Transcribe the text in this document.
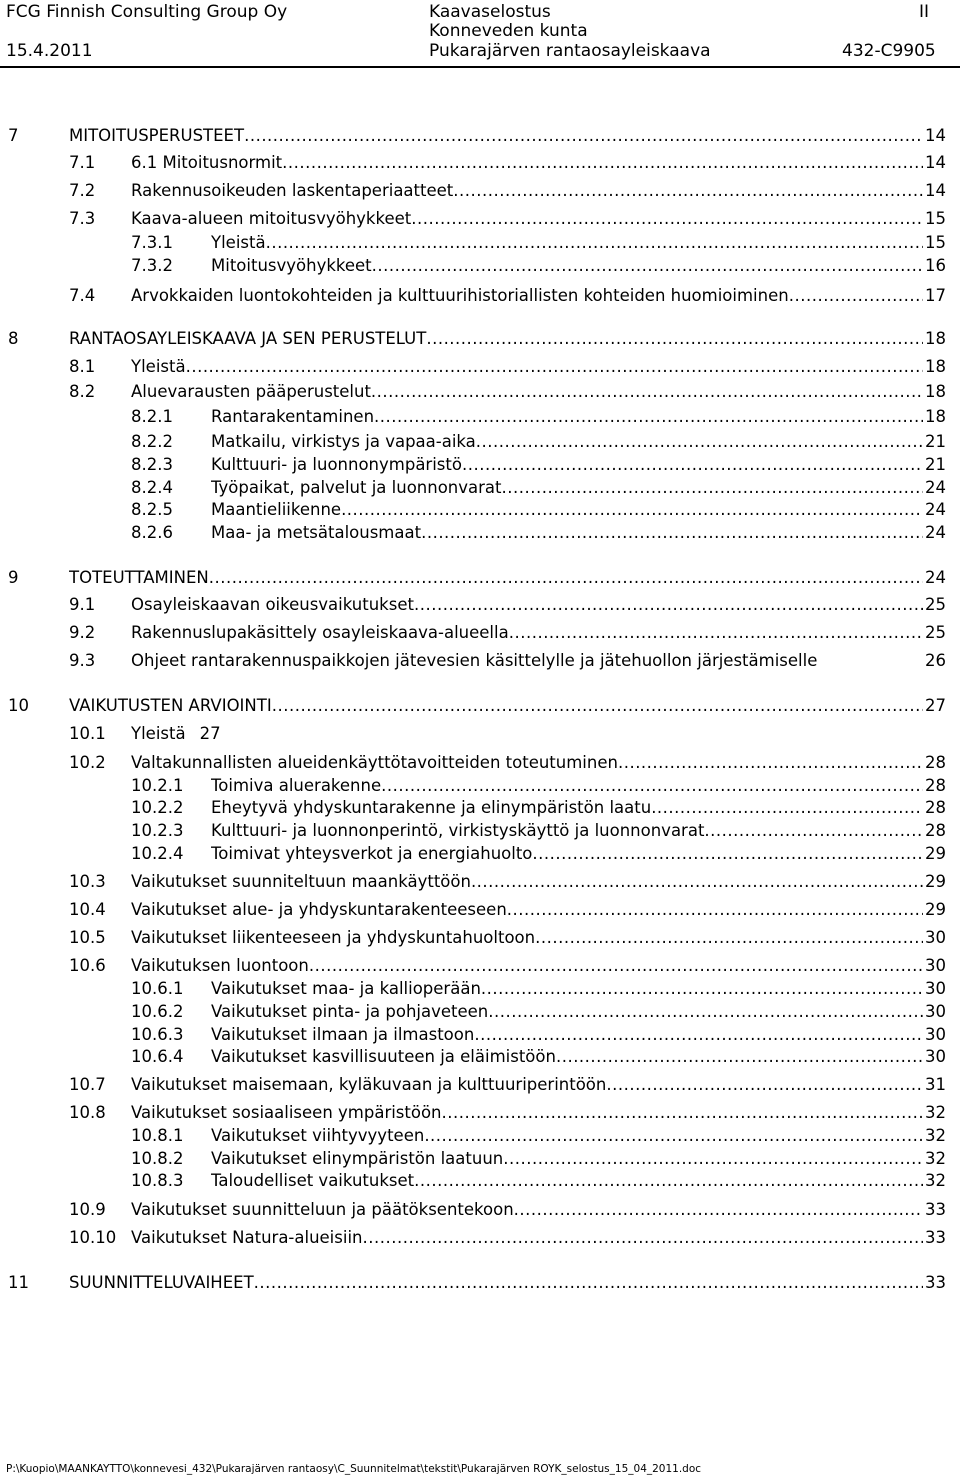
FCG Finnish Consulting Group Oy
15.4.2011
Kaavaselostus
Konneveden kunta
Pukarajärven rantaosayleiskaava
II
432-C9905
7	MITOITUSPERUSTEET .....	14
7.1 6.1 Mitoitusnormit .....	14
7.2 Rakennusoikeuden laskentaperiaatteet .....	14
7.3 Kaava-alueen mitoitusvyöhykkeet .....	15
7.3.1 Yleistä .....	15
7.3.2 Mitoitusvyöhykkeet .....	16
7.4 Arvokkaiden luontokohteiden ja kulttuurihistoriallisten kohteiden huomioiminen .....	17
8	RANTAOSAYLEISKAAVA JA SEN PERUSTELUT .....	18
8.1 Yleistä .....	18
8.2 Aluevarausten pääperustelut .....	18
8.2.1 Rantarakentaminen .....	18
8.2.2 Matkailu, virkistys ja vapaa-aika .....	21
8.2.3 Kulttuuri- ja luonnonympäristö .....	21
8.2.4 Työpaikat, palvelut ja luonnonvarat .....	24
8.2.5 Maantieliikenne .....	24
8.2.6 Maa- ja metsätalousmaat .....	24
9	TOTEUTTAMINEN .....	24
9.1 Osayleiskaavan oikeusvaikutukset .....	25
9.2 Rakennuslupakäsittely osayleiskaava-alueella .....	25
9.3 Ohjeet rantarakennuspaikkojen jätevesien käsittelylle ja jätehuollon järjestämiselle	26
10 VAIKUTUSTEN ARVIOINTI .....	27
10.1 Yleistä 27
10.2 Valtakunnallisten alueidenkäyttötavoitteiden toteutuminen .....	28
10.2.1 Toimiva aluerakenne .....	28
10.2.2 Eheytyvä yhdyskuntarakenne ja elinympäristön laatu .....	28
10.2.3 Kulttuuri- ja luonnonperintö, virkistyskäyttö ja luonnonvarat .....	28
10.2.4 Toimivat yhteysverkot ja energiahuolto .....	29
10.3 Vaikutukset suunniteltuun maankäyttöön .....	29
10.4 Vaikutukset alue- ja yhdyskuntarakenteeseen .....	29
10.5 Vaikutukset liikenteeseen ja yhdyskuntahuoltoon .....	30
10.6 Vaikutuksen luontoon .....	30
10.6.1 Vaikutukset maa- ja kallioperään .....	30
10.6.2 Vaikutukset pinta- ja pohjaveteen .....	30
10.6.3 Vaikutukset ilmaan ja ilmastoon .....	30
10.6.4 Vaikutukset kasvillisuuteen ja eläimistöön .....	30
10.7 Vaikutukset maisemaan, kyläkuvaan ja kulttuuriperintöön .....	31
10.8 Vaikutukset sosiaaliseen ympäristöön .....	32
10.8.1 Vaikutukset viihtyvyyteen .....	32
10.8.2 Vaikutukset elinympäristön laatuun .....	32
10.8.3 Taloudelliset vaikutukset .....	32
10.9 Vaikutukset suunnitteluun ja päätöksentekoon .....	33
10.10 Vaikutukset Natura-alueisiin .....	33
11 SUUNNITTELUVAIHEET .....	33
P:\Kuopio\MAANKAYTTO\konnevesi_432\Pukarajärven rantaosy\C_Suunnitelmat\tekstit\Pukarajärven ROYK_selostus_15_04_2011.doc
